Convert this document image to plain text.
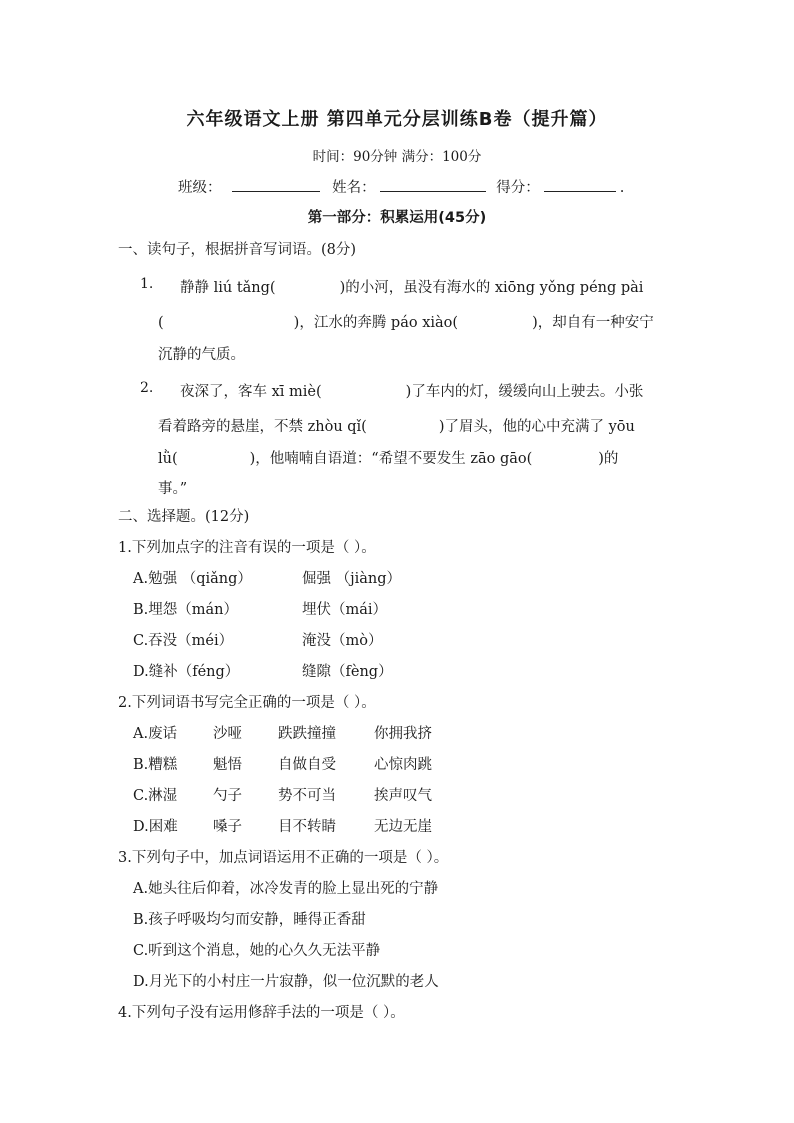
六年级语文上册 第四单元分层训练B卷（提升篇）
时间：90分钟 满分：100分
班级：	姓名：	得分：	.
第一部分：积累运用(45分)
一、读句子，根据拼音写词语。(8分)
1. 静静 liú tǎng(	)的小河，虽没有海水的 xiōng yǒng péng pài
(	)，江水的奔腾 páo xiào(	)，却自有一种安宁
沉静的气质。
2. 夜深了，客车 xī miè(	)了车内的灯，缓缓向山上驶去。小张
看着路旁的悬崖，不禁 zhòu qǐ(	)了眉头，他的心中充满了 yōu
lǜ(	)，他喃喃自语道：“希望不要发生 zāo gāo(	)的
事。”
二、选择题。(12分)
1.下列加点字的注音有误的一项是（ ）。
A.勉强 （qiǎng）	倔强 （jiàng）
B.埋怨（mán）	埋伏（mái）
C.吞没（méi）	淹没（mò）
D.缝补（féng）	缝隙（fèng）
2.下列词语书写完全正确的一项是（ ）。
A.废话 沙哑 跌跌撞撞	你拥我挤
B.糟糕 魁悟 自做自受	心惊肉跳
C.淋湿 勺子 势不可当	挨声叹气
D.困难 嗓子 目不转睛	无边无崖
3.下列句子中，加点词语运用不正确的一项是（ ）。
A.她头往后仰着，冰冷发青的脸上显出死的宁静
B.孩子呼吸均匀而安静，睡得正香甜
C.听到这个消息，她的心久久无法平静
D.月光下的小村庄一片寂静，似一位沉默的老人
4.下列句子没有运用修辞手法的一项是（ ）。
